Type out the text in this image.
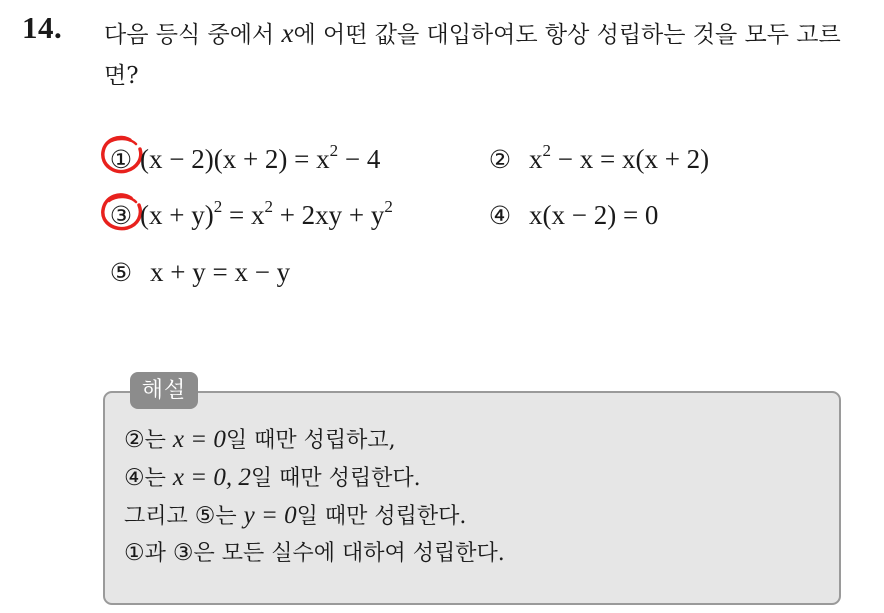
14. 다음 등식 중에서 x에 어떤 값을 대입하여도 항상 성립하는 것을 모두 고르면?
① $(x - 2)(x + 2) = x^2 - 4$	② $x^2 - x = x(x + 2)$
③ $(x + y)^2 = x^2 + 2xy + y^2$	④ x(x − 2) = 0
⑤ x + y = x − y
해설
②는 x = 0일 때만 성립하고,
④는 x = 0, 2일 때만 성립한다.
그리고 ⑤는 y = 0일 때만 성립한다.
①과 ③은 모든 실수에 대하여 성립한다.
